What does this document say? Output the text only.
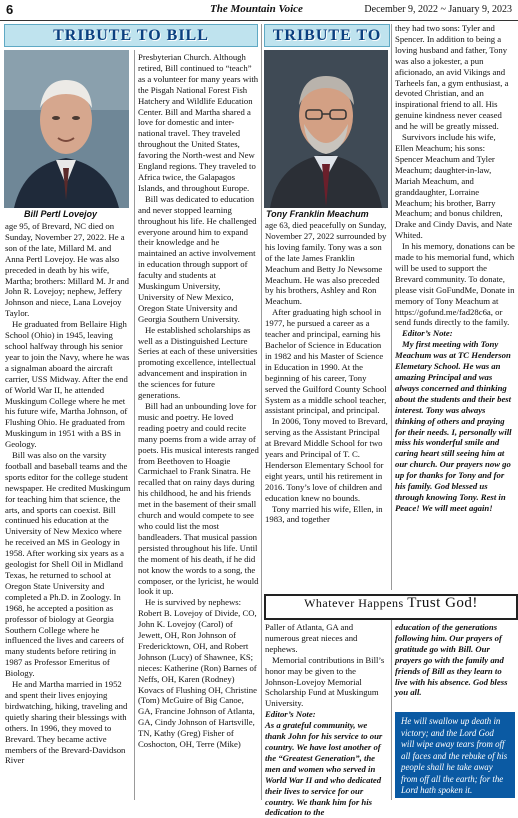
6	The Mountain Voice	December 9, 2022 ~ January 9, 2023
TRIBUTE TO BILL
Bill Pertl Lovejoy

age 95, of Brevard, NC died on Sunday, November 27, 2022. He a son of the late, Millard M. and Anna Pertl Lovejoy. He was also preceded in death by his wife, Martha; brothers: Millard M. Jr and John R. Lovejoy; nephew, Jeffery Johnson and niece, Lana Lovejoy Taylor.

He graduated from Bellaire High School (Ohio) in 1945, leaving school halfway through his senior year to join the Navy, where he was a signalman aboard the aircraft carrier, USS Midway. After the end of World War II, he attended Muskingum College where he met his future wife, Martha Johnson, of Flushing Ohio. He graduated from Muskingum in 1951 with a BS in Geology.

Bill was also on the varsity football and baseball teams and the sports editor for the college student newspaper. He credited Muskingum for teaching him that science, the arts, and sports can coexist. Bill continued his education at the University of New Mexico where he received an MS in Geology in 1958. After working six years as a geologist for Shell Oil in Midland Texas, he returned to school at Oregon State University and completed a Ph.D. in Zoology. In 1968, he accepted a position as professor of biology at Georgia Southern College where he influenced the lives and careers of many students before retiring in 1987 as Professor Emeritus of Biology.

He and Martha married in 1952 and spent their lives enjoying birdwatching, hiking, traveling and quietly sharing their blessings with others. In 1996, they moved to Brevard. They became active members of the Brevard-Davidson River

Presbyterian Church. Although retired, Bill continued to “teach” as a volunteer for many years with the Pisgah National Forest Fish Hatchery and Wildlife Education Center. Bill and Martha shared a love for domestic and inter-national travel. They traveled throughout the United States, favoring the North-west and New England regions. They traveled to Africa twice, the Galapagos Islands, and throughout Europe.

Bill was dedicated to education and never stopped learning throughout his life. He challenged everyone around him to expand their knowledge and he maintained an active involvement in education through support of faculty and students at Muskingum University, University of New Mexico, Oregon State University and Georgia Southern University.

He established scholarships as well as a Distinguished Lecture Series at each of these universities promoting excellence, intellectual advancement and inspiration in the sciences for future generations.

Bill had an unbounding love for music and poetry. He loved reading poetry and could recite many poems from a wide array of poets. His musical interests ranged from Beethoven to Hoagie Carmichael to Frank Sinatra. He recalled that on rainy days during his childhood, he and his friends met in the basement of their small church and would compete to see who could list the most bandleaders. That musical passion persisted throughout his life. Until the moment of his death, if he did not know the words to a song, the composer, or the lyricist, he would look it up.

He is survived by nephews: Robert B. Lovejoy of Divide, CO, John K. Lovejoy (Carol) of Jewett, OH, Ron Johnson of Fredericktown, OH, and Robert Johnson (Lucy) of Shawnee, KS; nieces: Katherine (Ron) Barnes of Neffs, OH, Karen (Rodney) Kovacs of Flushing OH, Christine (Tom) McGuire of Big Canoe, GA, Francine Johnson of Atlanta, GA, Cindy Johnson of Hartsville, TN, Kathy (Greg) Fisher of Coshocton, OH, Terre (Mike)

TRIBUTE TO
Tony Franklin Meachum

age 63, died peacefully on Sunday, November 27, 2022 surrounded by his loving family. Tony was a son of the late James Franklin Meachum and Betty Jo Newsome Meachum. He was also preceded by his brothers, Ashley and Ron Meachum.

After graduating high school in 1977, he pursued a career as a teacher and principal, earning his Bachelor of Science in Education in 1982 and his Master of Science in Education in 1990. At the beginning of his career, Tony served the Guilford County School System as a middle school teacher, assistant principal, and principal.

In 2006, Tony moved to Brevard, serving as the Assistant Principal at Brevard Middle School for two years and Principal of T. C. Henderson Elementary School for eight years, until his retirement in 2016. Tony’s love of children and education knew no bounds.

Tony married his wife, Ellen, in 1983, and together

they had two sons: Tyler and Spencer. In addition to being a loving husband and father, Tony was also a jokester, a pun aficionado, an avid Vikings and Tarheels fan, a gym enthusiast, a devoted Christian, and an inspirational friend to all. His genuine kindness never ceased and he will be greatly missed.

Survivors include his wife, Ellen Meachum; his sons: Spencer Meachum and Tyler Meachum; daughter-in-law, Mariah Meachum, and granddaughter, Lorraine Meachum; his brother, Barry Meachum; and bonus children, Drake and Cindy Davis, and Nate Whited.

In his memory, donations can be made to his memorial fund, which will be used to support the Brevard community. To donate, please visit GoFundMe, Donate in memory of Tony Meachum at https://gofund.me/fad28c6a, or send funds directly to the family.

Editor’s Note:

My first meeting with Tony Meachum was at TC Henderson Elemetary School. He was an amazing Principal and was always concerned and thinking about the students and their best interest. Tony was always thinking of others and praying for their needs. I, personally will miss his wonderful smile and caring heart still seeing him at our church. Our prayers now go up for thanks for Tony and for his family. God blessed us through knowing Tony. Rest in Peace! We will meet again!

Whatever Happens Trust God!

Paller of Atlanta, GA and numerous great nieces and nephews.

Memorial contributions in Bill’s honor may be given to the Johnson-Lovejoy Memorial Scholarship Fund at Muskingum University.

Editor’s Note:

As a grateful community, we thank John for his service to our country. We have lost another of the “Greatest Generation”, the men and women who served in World War II and who dedicated their lives to service for our country. We thank him for his dedication to the

education of the generations following him. Our prayers of gratitude go with Bill. Our prayers go with the family and friends of Bill as they learn to live with his absence. God bless you all.

He will swallow up death in victory; and the Lord God will wipe away tears from off all faces and the rebuke of his people shall he take away from off all the earth; for the Lord hath spoken it.
Isaiah 25:8
